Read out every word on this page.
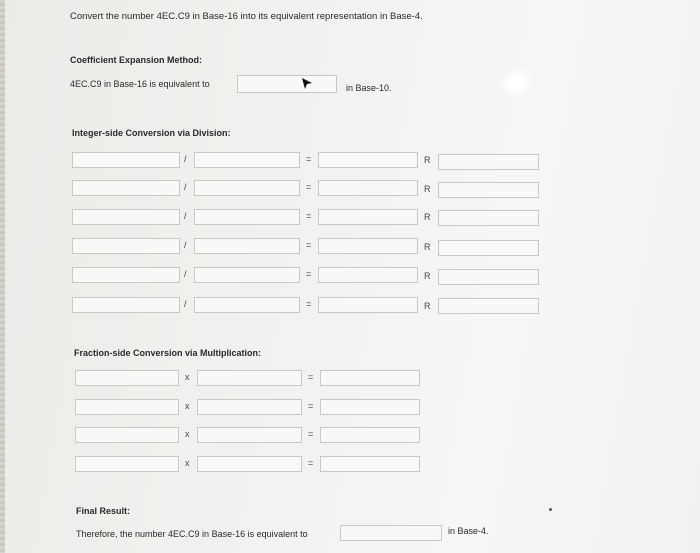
Convert the number 4EC.C9 in Base-16 into its equivalent representation in Base-4.
Coefficient Expansion Method:
4EC.C9 in Base-16 is equivalent to	in Base-10.
Integer-side Conversion via Division:
/	=	R
/	=	R
/	=	R
/	=	R
/	=	R
/	=	R
Fraction-side Conversion via Multiplication:
x	=
x	=
x	=
x	=
Final Result:
Therefore, the number 4EC.C9 in Base-16 is equivalent to	in Base-4.
